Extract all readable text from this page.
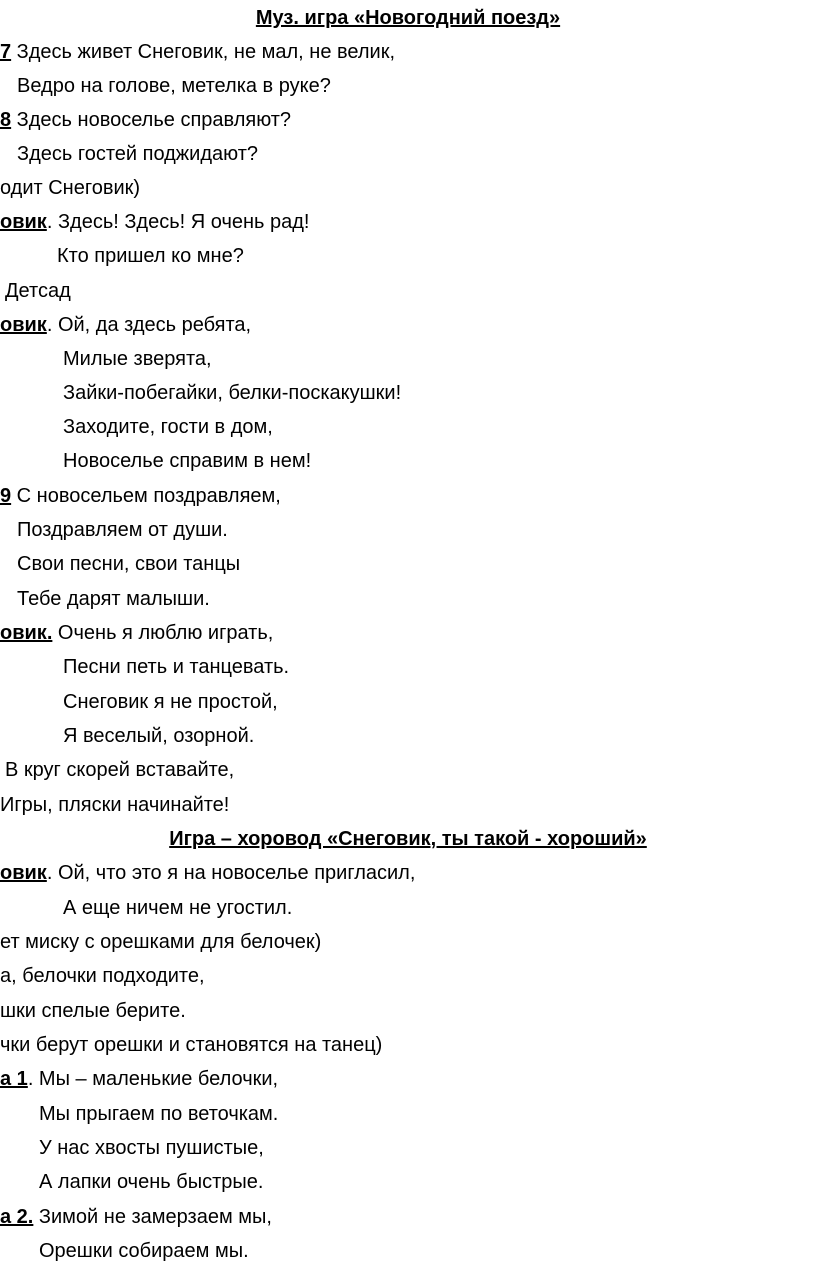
Муз. игра «Новогодний поезд»
7 Здесь живет Снеговик, не мал, не велик,
Ведро на голове, метелка в руке?
8 Здесь новоселье справляют?
Здесь гостей поджидают?
одит Снеговик)
овик. Здесь! Здесь! Я очень рад!
Кто пришел ко мне?
Детсад
овик. Ой, да здесь ребята,
Милые зверята,
Зайки-побегайки, белки-поскакушки!
Заходите, гости в дом,
Новоселье справим в нем!
9 С новосельем поздравляем,
Поздравляем от души.
Свои песни, свои танцы
Тебе дарят малыши.
овик. Очень я люблю играть,
Песни петь и танцевать.
Снеговик я не простой,
Я веселый, озорной.
В круг скорей вставайте,
Игры, пляски начинайте!
Игра – хоровод «Снеговик, ты такой - хороший»
овик. Ой, что это я на новоселье пригласил,
А еще ничем не угостил.
ет миску с орешками для белочек)
а, белочки подходите,
шки спелые берите.
чки берут орешки и становятся на танец)
а 1. Мы – маленькие белочки,
Мы прыгаем по веточкам.
У нас хвосты пушистые,
А лапки очень быстрые.
а 2. Зимой не замерзаем мы,
Орешки собираем мы.
